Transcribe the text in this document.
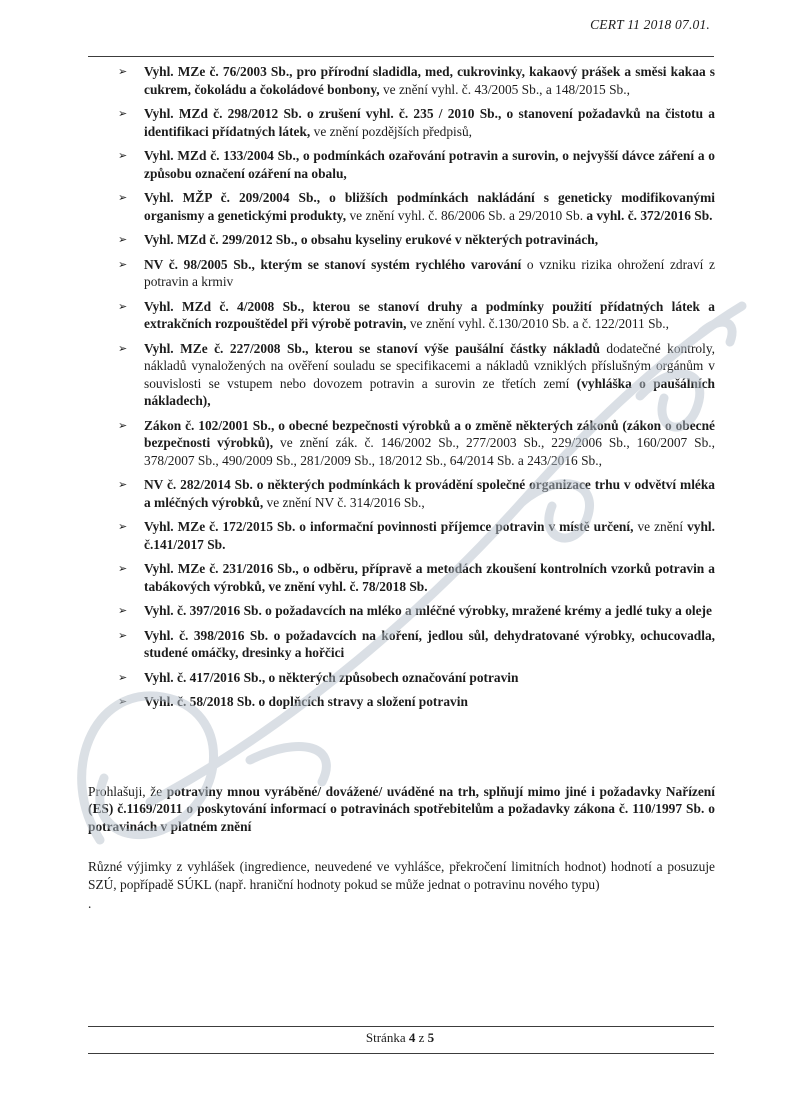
CERT 11 2018 07.01.
➢	Vyhl. MZe č. 76/2003 Sb., pro přírodní sladidla, med, cukrovinky, kakaový prášek a směsi kakaa s cukrem, čokoládu a čokoládové bonbony, ve znění vyhl. č. 43/2005 Sb., a 148/2015 Sb.,
➢	Vyhl. MZd č. 298/2012 Sb. o zrušení vyhl. č. 235 / 2010 Sb., o stanovení požadavků na čistotu a identifikaci přídatných látek, ve znění pozdějších předpisů,
➢	Vyhl. MZd č. 133/2004 Sb., o podmínkách ozařování potravin a surovin, o nejvyšší dávce záření a o způsobu označení ozáření na obalu,
➢	Vyhl. MŽP č. 209/2004 Sb., o bližších podmínkách nakládání s geneticky modifikovanými organismy a genetickými produkty, ve znění vyhl. č. 86/2006 Sb. a 29/2010 Sb. a vyhl. č. 372/2016 Sb.
➢	Vyhl. MZd č. 299/2012 Sb., o obsahu kyseliny erukové v některých potravinách,
➢	NV č. 98/2005 Sb., kterým se stanoví systém rychlého varování o vzniku rizika ohrožení zdraví z potravin a krmiv
➢	Vyhl. MZd č. 4/2008 Sb., kterou se stanoví druhy a podmínky použití přídatných látek a extrakčních rozpouštědel při výrobě potravin, ve znění vyhl. č.130/2010 Sb. a č. 122/2011 Sb.,
➢	Vyhl. MZe č. 227/2008 Sb., kterou se stanoví výše paušální částky nákladů dodatečné kontroly, nákladů vynaložených na ověření souladu se specifikacemi a nákladů vzniklých příslušným orgánům v souvislosti se vstupem nebo dovozem potravin a surovin ze třetích zemí (vyhláška o paušálních nákladech),
➢	Zákon č. 102/2001 Sb., o obecné bezpečnosti výrobků a o změně některých zákonů (zákon o obecné bezpečnosti výrobků), ve znění zák. č. 146/2002 Sb., 277/2003 Sb., 229/2006 Sb., 160/2007 Sb., 378/2007 Sb., 490/2009 Sb., 281/2009 Sb., 18/2012 Sb., 64/2014 Sb. a 243/2016 Sb.,
➢	NV č. 282/2014 Sb. o některých podmínkách k provádění společné organizace trhu v odvětví mléka a mléčných výrobků, ve znění NV č. 314/2016 Sb.,
➢	Vyhl. MZe č. 172/2015 Sb. o informační povinnosti příjemce potravin v místě určení, ve znění vyhl. č.141/2017 Sb.
➢	Vyhl. MZe č. 231/2016 Sb., o odběru, přípravě a metodách zkoušení kontrolních vzorků potravin a tabákových výrobků, ve znění vyhl. č. 78/2018 Sb.
➢	Vyhl. č. 397/2016 Sb. o požadavcích na mléko a mléčné výrobky, mražené krémy a jedlé tuky a oleje
➢	Vyhl. č. 398/2016 Sb. o požadavcích na koření, jedlou sůl, dehydratované výrobky, ochucovadla, studené omáčky, dresinky a hořčici
➢	Vyhl. č. 417/2016 Sb., o některých způsobech označování potravin
➢	Vyhl. č. 58/2018 Sb. o doplňcích stravy a složení potravin

Prohlašuji, že potraviny mnou vyráběné/ dovážené/ uváděné na trh, splňují mimo jiné i požadavky Nařízení (ES) č.1169/2011 o poskytování informací o potravinách spotřebitelům a požadavky zákona č. 110/1997 Sb. o potravinách v platném znění

Různé výjimky z vyhlášek (ingredience, neuvedené ve vyhlášce, překročení limitních hodnot) hodnotí a posuzuje SZÚ, popřípadě SÚKL (např. hraniční hodnoty pokud se může jednat o potravinu nového typu)

.

Stránka 4 z 5
